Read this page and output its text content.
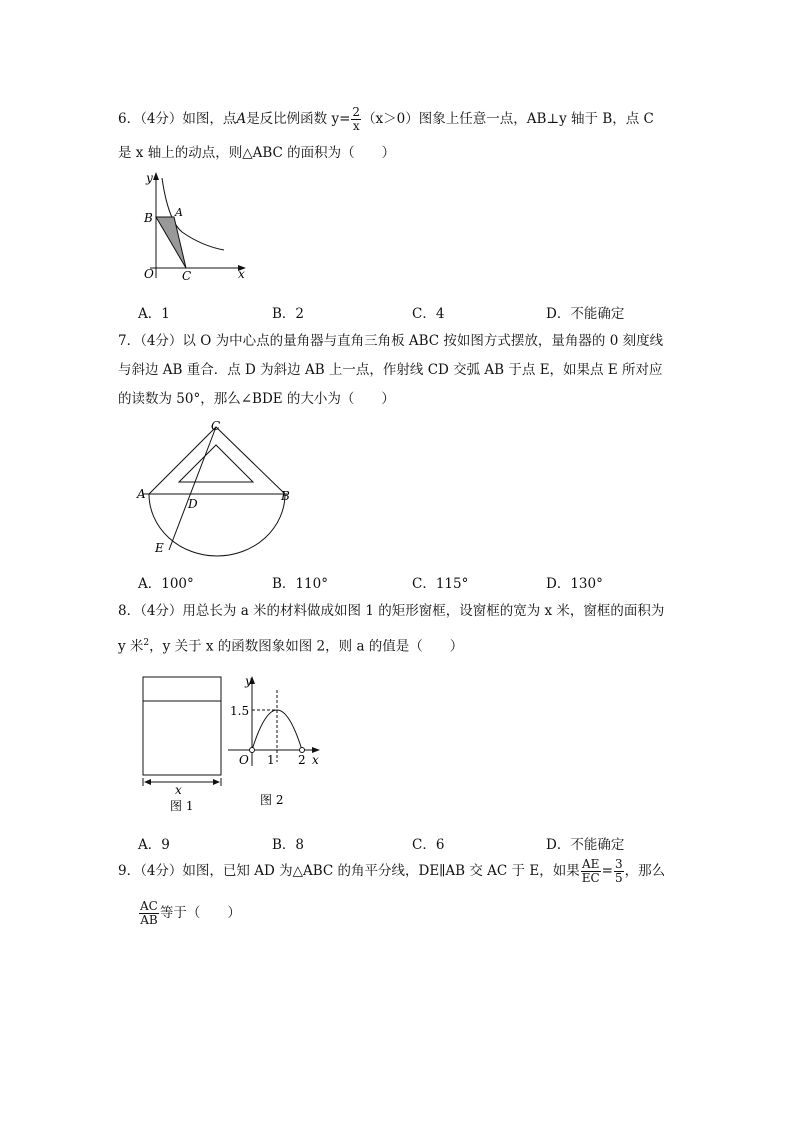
6．（4分）如图，点A是反比例函数 $y= \frac{2}{x} (x>0)$图象上任意一点，AB⊥y 轴于 B，点 C
是 x 轴上的动点，则△ABC 的面积为（　　）
y
x
B A
O C
A．1	B．2	C．4	D．不能确定
7．（4分）以 O 为中心点的量角器与直角三角板 ABC 按如图方式摆放，量角器的 0 刻度线
与斜边 AB 重合．点 D 为斜边 AB 上一点，作射线 CD 交弧 AB 于点 E，如果点 E 所对应
的读数为 50°，那么∠BDE 的大小为（　　）
C
A	B
D
E
A．100°	B．110°	C．115°	D．130°
8．（4分）用总长为 a 米的材料做成如图 1 的矩形窗框，设窗框的宽为 x 米，窗框的面积为
y 米$^2$，y 关于 x 的函数图象如图 2，则 a 的值是（　　）
x
图 1
y
1.5
O 1 2 x
图 2
A．9	B．8	C．6	D．不能确定
9．（4分）如图，已知 AD 为△ABC 的角平分线，DE∥AB 交 AC 于 E，如果 $\frac{AE}{EC} = \frac{3}{5}$ ，那么
$\frac{AC}{AB}$ 等于（　　）
